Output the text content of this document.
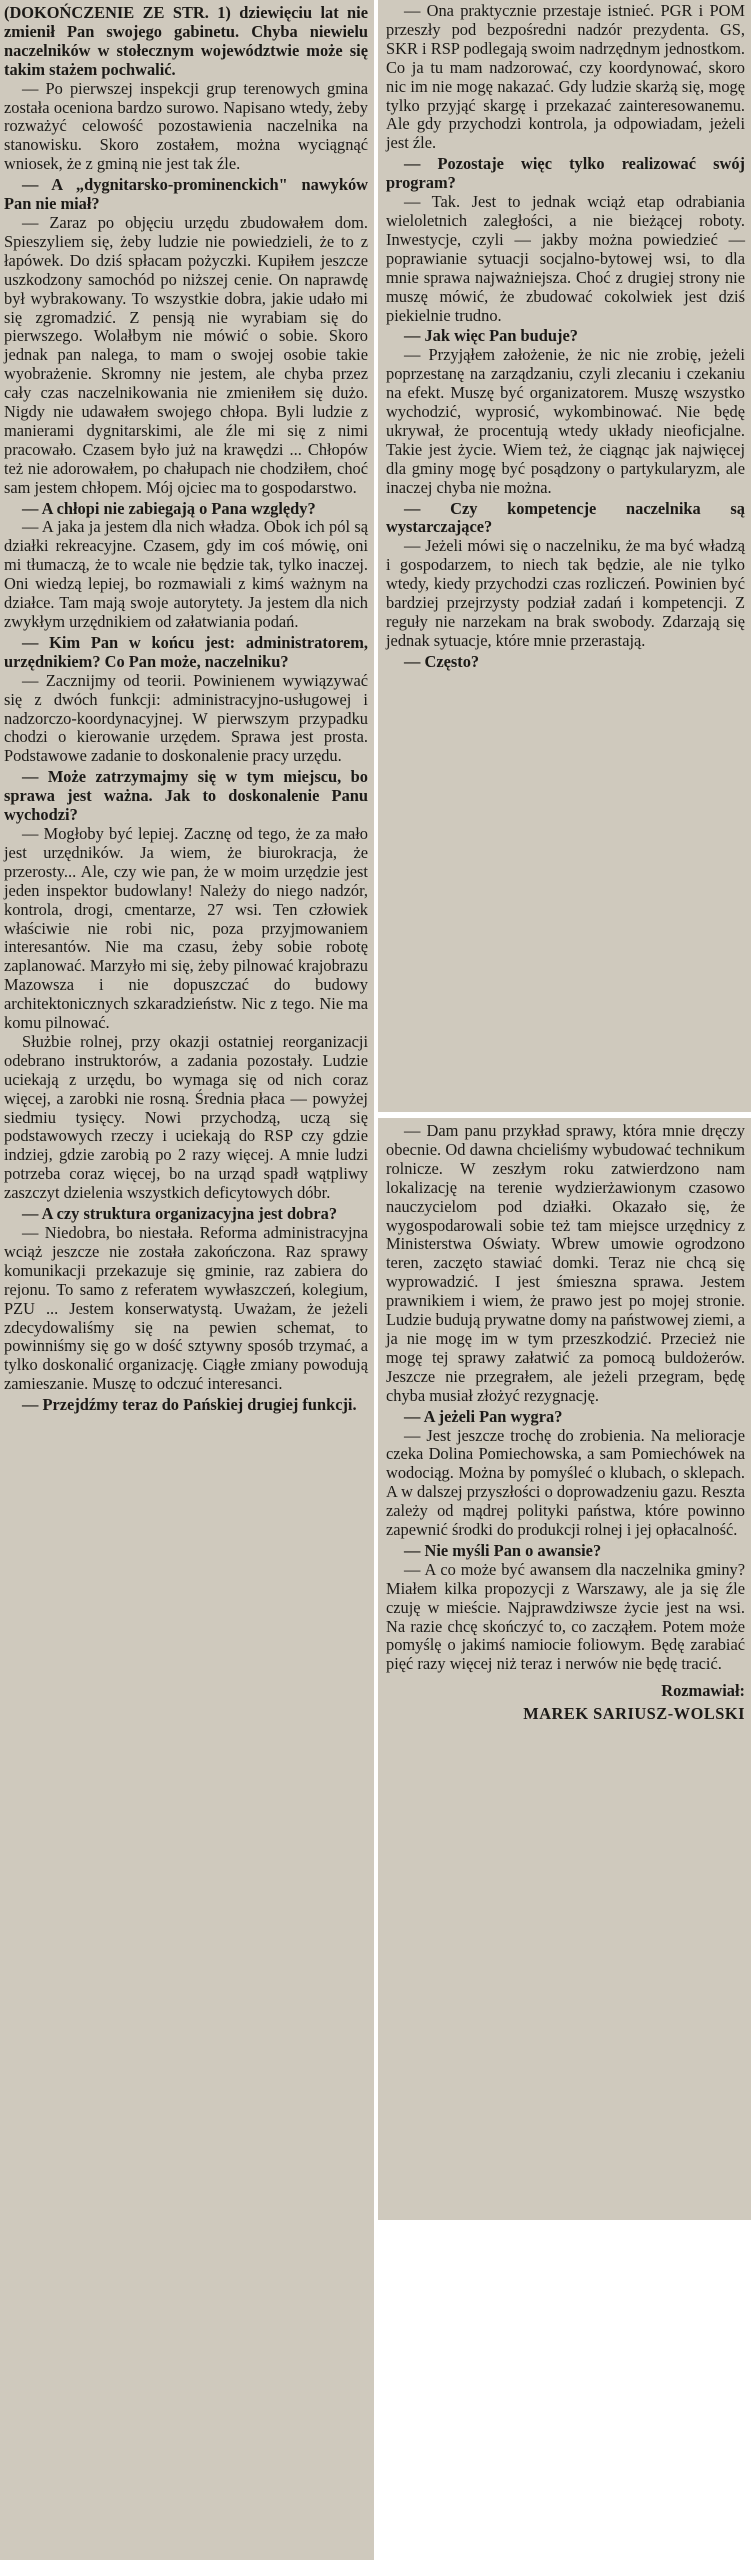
(DOKOŃCZENIE ZE STR. 1) dziewięciu lat nie zmienił Pan swojego gabinetu. Chyba niewielu naczelników w stołecznym województwie może się takim stażem pochwalić.

— Po pierwszej inspekcji grup terenowych gmina została oceniona bardzo surowo. Napisano wtedy, żeby rozważyć celowość pozostawienia naczelnika na stanowisku. Skoro zostałem, można wyciągnąć wniosek, że z gminą nie jest tak źle.

— A „dygnitarsko-prominenckich" nawyków Pan nie miał?

— Zaraz po objęciu urzędu zbudowałem dom. Spieszyliem się, żeby ludzie nie powiedzieli, że to z łapówek. Do dziś spłacam pożyczki. Kupiłem jeszcze uszkodzony samochód po niższej cenie. On naprawdę był wybrakowany. To wszystkie dobra, jakie udało mi się zgromadzić. Z pensją nie wyrabiam się do pierwszego. Wolałbym nie mówić o sobie. Skoro jednak pan nalega, to mam o swojej osobie takie wyobrażenie. Skromny nie jestem, ale chyba przez cały czas naczelnikowania nie zmieniłem się dużo. Nigdy nie udawałem swojego chłopa. Byli ludzie z manierami dygnitarskimi, ale źle mi się z nimi pracowało. Czasem było już na krawędzi ... Chłopów też nie adorowałem, po chałupach nie chodziłem, choć sam jestem chłopem. Mój ojciec ma to gospodarstwo.

— A chłopi nie zabiegają o Pana względy?

— A jaka ja jestem dla nich władza. Obok ich pól są działki rekreacyjne. Czasem, gdy im coś mówię, oni mi tłumaczą, że to wcale nie będzie tak, tylko inaczej. Oni wiedzą lepiej, bo rozmawiali z kimś ważnym na działce. Tam mają swoje autorytety. Ja jestem dla nich zwykłym urzędnikiem od załatwiania podań.

— Kim Pan w końcu jest: administratorem, urzędnikiem? Co Pan może, naczelniku?

— Zacznijmy od teorii. Powinienem wywiązywać się z dwóch funkcji: administracyjno-usługowej i nadzorczo-koordynacyjnej. W pierwszym przypadku chodzi o kierowanie urzędem. Sprawa jest prosta. Podstawowe zadanie to doskonalenie pracy urzędu.

— Może zatrzymajmy się w tym miejscu, bo sprawa jest ważna. Jak to doskonalenie Panu wychodzi?

— Mogłoby być lepiej. Zacznę od tego, że za mało jest urzędników. Ja wiem, że biurokracja, że przerosty... Ale, czy wie pan, że w moim urzędzie jest jeden inspektor budowlany! Należy do niego nadzór, kontrola, drogi, cmentarze, 27 wsi. Ten człowiek właściwie nie robi nic, poza przyjmowaniem interesantów. Nie ma czasu, żeby sobie robotę zaplanować. Marzyło mi się, żeby pilnować krajobrazu Mazowsza i nie dopuszczać do budowy architektonicznych szkaradzieństw. Nic z tego. Nie ma komu pilnować.

Służbie rolnej, przy okazji ostatniej reorganizacji odebrano instruktorów, a zadania pozostały. Ludzie uciekają z urzędu, bo wymaga się od nich coraz więcej, a zarobki nie rosną. Średnia płaca — powyżej siedmiu tysięcy. Nowi przychodzą, uczą się podstawowych rzeczy i uciekają do RSP czy gdzie indziej, gdzie zarobią po 2 razy więcej. A mnie ludzi potrzeba coraz więcej, bo na urząd spadł wątpliwy zaszczyt dzielenia wszystkich deficytowych dóbr.

— A czy struktura organizacyjna jest dobra?

— Niedobra, bo niestała. Reforma administracyjna wciąż jeszcze nie została zakończona. Raz sprawy komunikacji przekazuje się gminie, raz zabiera do rejonu. To samo z referatem wywłaszczeń, kolegium, PZU ... Jestem konserwatystą. Uważam, że jeżeli zdecydowaliśmy się na pewien schemat, to powinniśmy się go w dość sztywny sposób trzymać, a tylko doskonalić organizację. Ciągłe zmiany powodują zamieszanie. Muszę to odczuć interesanci.

— Przejdźmy teraz do Pańskiej drugiej funkcji.

— Ona praktycznie przestaje istnieć. PGR i POM przeszły pod bezpośredni nadzór prezydenta. GS, SKR i RSP podlegają swoim nadrzędnym jednostkom. Co ja tu mam nadzorować, czy koordynować, skoro nic im nie mogę nakazać. Gdy ludzie skarżą się, mogę tylko przyjąć skargę i przekazać zainteresowanemu. Ale gdy przychodzi kontrola, ja odpowiadam, jeżeli jest źle.

— Pozostaje więc tylko realizować swój program?

— Tak. Jest to jednak wciąż etap odrabiania wieloletnich zaległości, a nie bieżącej roboty. Inwestycje, czyli — jakby można powiedzieć — poprawianie sytuacji socjalno-bytowej wsi, to dla mnie sprawa najważniejsza. Choć z drugiej strony nie muszę mówić, że zbudować cokolwiek jest dziś piekielnie trudno.

— Jak więc Pan buduje?

— Przyjąłem założenie, że nic nie zrobię, jeżeli poprzestanę na zarządzaniu, czyli zlecaniu i czekaniu na efekt. Muszę być organizatorem. Muszę wszystko wychodzić, wyprosić, wykombinować. Nie będę ukrywał, że procentują wtedy układy nieoficjalne. Takie jest życie. Wiem też, że ciągnąc jak najwięcej dla gminy mogę być posądzony o partykularyzm, ale inaczej chyba nie można.

— Czy kompetencje naczelnika są wystarczające?

— Jeżeli mówi się o naczelniku, że ma być władzą i gospodarzem, to niech tak będzie, ale nie tylko wtedy, kiedy przychodzi czas rozliczeń. Powinien być bardziej przejrzysty podział zadań i kompetencji. Z reguły nie narzekam na brak swobody. Zdarzają się jednak sytuacje, które mnie przerastają.

— Często?

— Dam panu przykład sprawy, która mnie dręczy obecnie. Od dawna chcieliśmy wybudować technikum rolnicze. W zeszłym roku zatwierdzono nam lokalizację na terenie wydzierżawionym czasowo nauczycielom pod działki. Okazało się, że wygospodarowali sobie też tam miejsce urzędnicy z Ministerstwa Oświaty. Wbrew umowie ogrodzono teren, zaczęto stawiać domki. Teraz nie chcą się wyprowadzić. I jest śmieszna sprawa. Jestem prawnikiem i wiem, że prawo jest po mojej stronie. Ludzie budują prywatne domy na państwowej ziemi, a ja nie mogę im w tym przeszkodzić. Przecież nie mogę tej sprawy załatwić za pomocą buldożerów. Jeszcze nie przegrałem, ale jeżeli przegram, będę chyba musiał złożyć rezygnację.

— A jeżeli Pan wygra?

— Jest jeszcze trochę do zrobienia. Na melioracje czeka Dolina Pomiechowska, a sam Pomiechówek na wodociąg. Można by pomyśleć o klubach, o sklepach. A w dalszej przyszłości o doprowadzeniu gazu. Reszta zależy od mądrej polityki państwa, które powinno zapewnić środki do produkcji rolnej i jej opłacalność.

— Nie myśli Pan o awansie?

— A co może być awansem dla naczelnika gminy? Miałem kilka propozycji z Warszawy, ale ja się źle czuję w mieście. Najprawdziwsze życie jest na wsi. Na razie chcę skończyć to, co zacząłem. Potem może pomyślę o jakimś namiocie foliowym. Będę zarabiać pięć razy więcej niż teraz i nerwów nie będę tracić.

Rozmawiał:

MAREK SARIUSZ-WOLSKI
